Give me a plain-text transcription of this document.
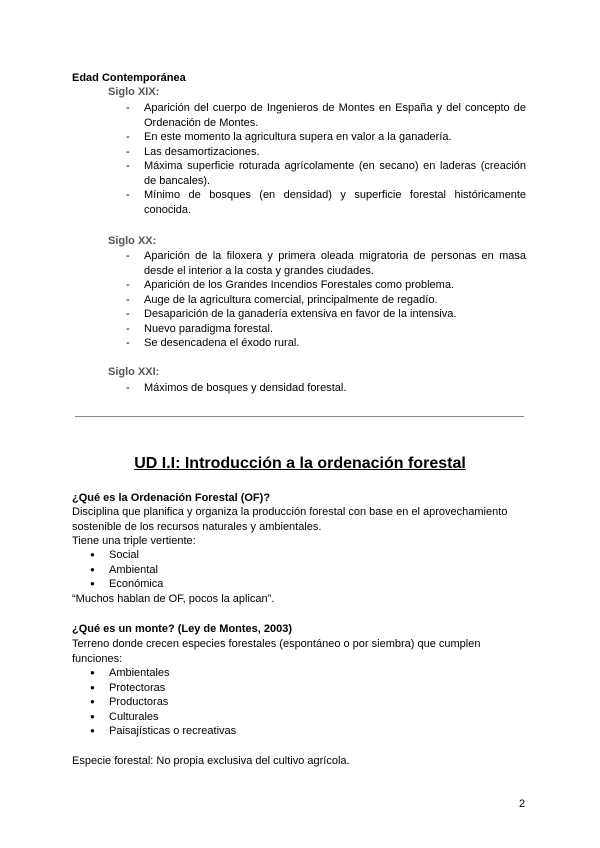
Edad Contemporánea
Siglo XIX:
- Aparición del cuerpo de Ingenieros de Montes en España y del concepto de Ordenación de Montes.
- En este momento la agricultura supera en valor a la ganadería.
- Las desamortizaciones.
- Máxima superficie roturada agrícolamente (en secano) en laderas (creación de bancales).
- Mínimo de bosques (en densidad) y superficie forestal históricamente conocida.
Siglo XX:
- Aparición de la filoxera y primera oleada migratoria de personas en masa desde el interior a la costa y grandes ciudades.
- Aparición de los Grandes Incendios Forestales como problema.
- Auge de la agricultura comercial, principalmente de regadío.
- Desaparición de la ganadería extensiva en favor de la intensiva.
- Nuevo paradigma forestal.
- Se desencadena el éxodo rural.
Siglo XXI:
- Máximos de bosques y densidad forestal.
UD I.I: Introducción a la ordenación forestal
¿Qué es la Ordenación Forestal (OF)?
Disciplina que planifica y organiza la producción forestal con base en el aprovechamiento sostenible de los recursos naturales y ambientales.
Tiene una triple vertiente:
● Social
● Ambiental
● Económica
“Muchos hablan de OF, pocos la aplican”.
¿Qué es un monte? (Ley de Montes, 2003)
Terreno donde crecen especies forestales (espontáneo o por siembra) que cumplen funciones:
● Ambientales
● Protectoras
● Productoras
● Culturales
● Paisajísticas o recreativas
Especie forestal: No propia exclusiva del cultivo agrícola.
2
